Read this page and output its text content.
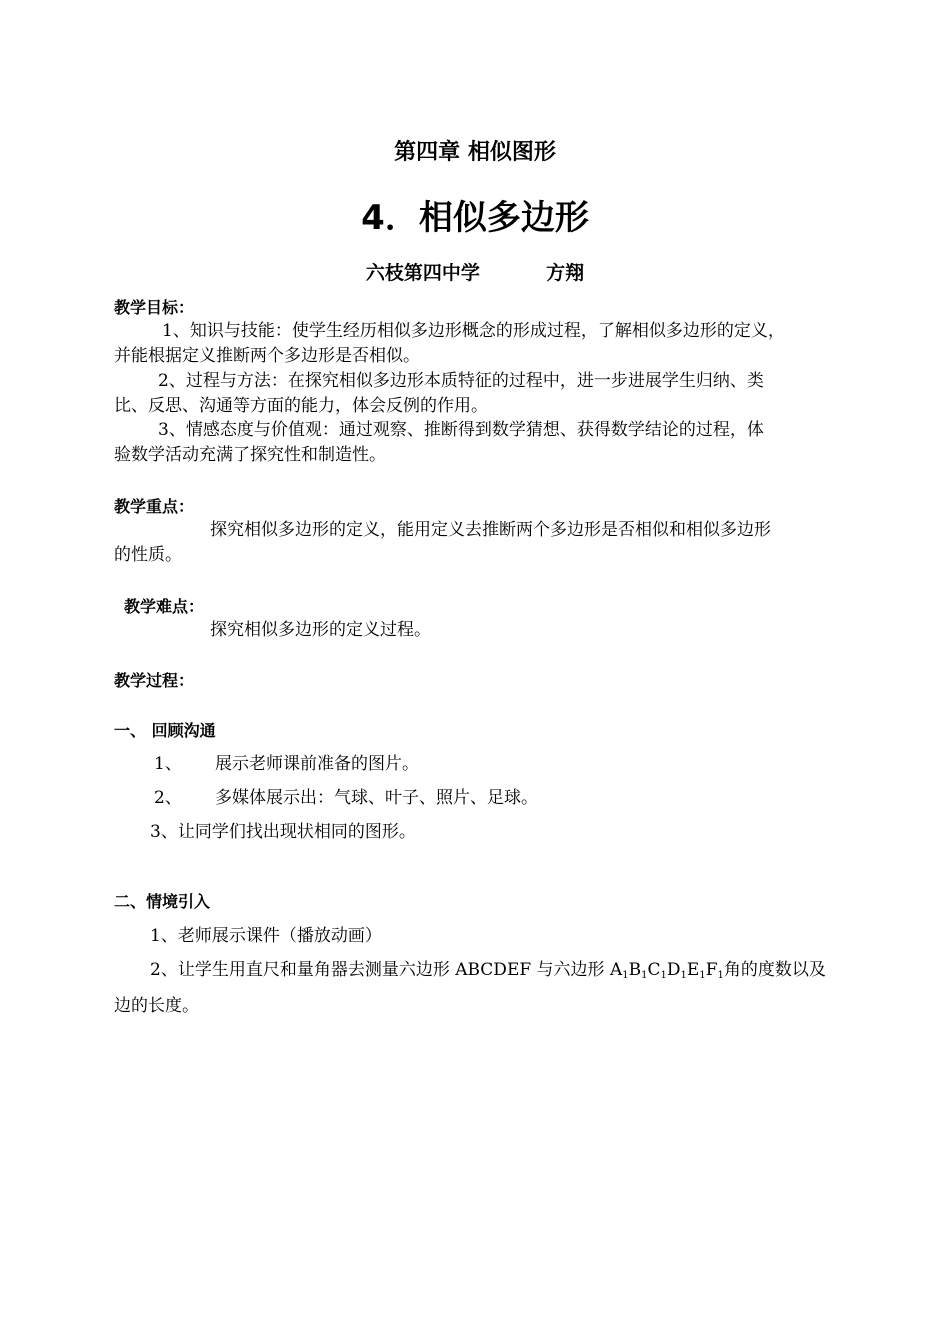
第四章 相似图形
4．相似多边形
六枝第四中学          方翔
教学目标：
1、知识与技能：使学生经历相似多边形概念的形成过程，了解相似多边形的定义，
并能根据定义推断两个多边形是否相似。
2、过程与方法：在探究相似多边形本质特征的过程中，进一步进展学生归纳、类
比、反思、沟通等方面的能力，体会反例的作用。
3、情感态度与价值观：通过观察、推断得到数学猜想、获得数学结论的过程，体
验数学活动充满了探究性和制造性。
教学重点：
探究相似多边形的定义，能用定义去推断两个多边形是否相似和相似多边形
的性质。
教学难点：
探究相似多边形的定义过程。
教学过程：
一、 回顾沟通
1、 展示老师课前准备的图片。
2、 多媒体展示出：气球、叶子、照片、足球。
3、让同学们找出现状相同的图形。
二、情境引入
1、老师展示课件（播放动画）
2、让学生用直尺和量角器去测量六边形 ABCDEF 与六边形 A1B1C1D1E1F1角的度数以及
边的长度。
